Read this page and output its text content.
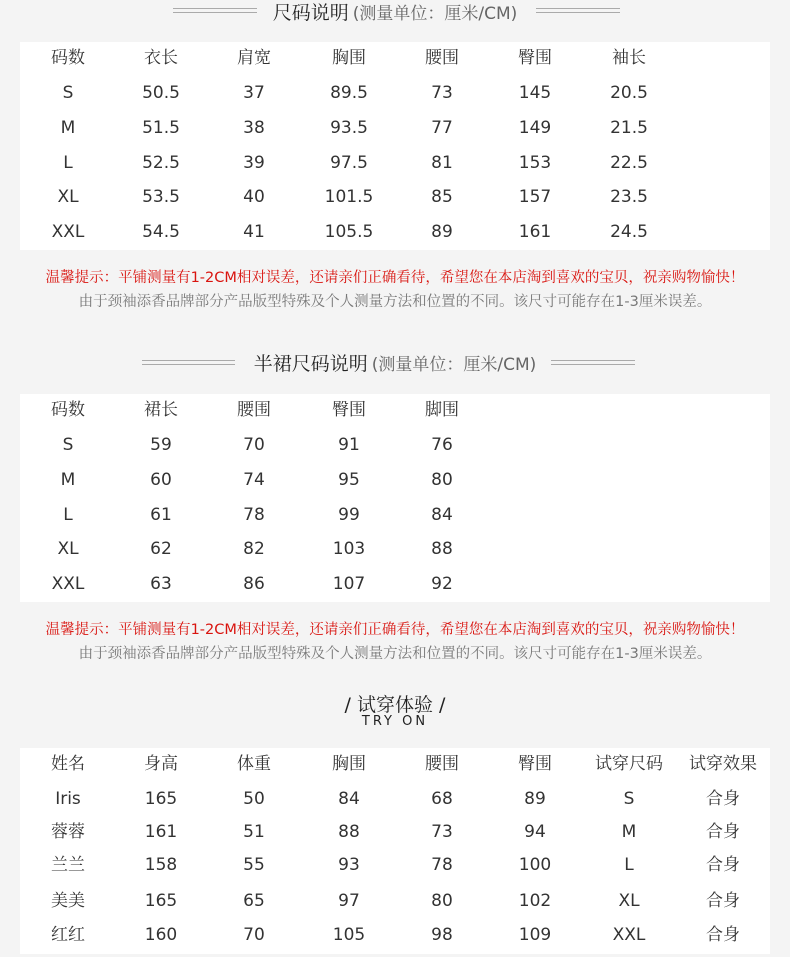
尺码说明 (测量单位：厘米/CM)
码数	衣长	肩宽	胸围	腰围	臀围	袖长
S	50.5	37	89.5	73	145	20.5
M	51.5	38	93.5	77	149	21.5
L	52.5	39	97.5	81	153	22.5
XL	53.5	40	101.5	85	157	23.5
XXL	54.5	41	105.5	89	161	24.5
温馨提示：平铺测量有1-2CM相对误差，还请亲们正确看待，希望您在本店淘到喜欢的宝贝，祝亲购物愉快！
由于颈袖添香品牌部分产品版型特殊及个人测量方法和位置的不同。该尺寸可能存在1-3厘米误差。
半裙尺码说明 (测量单位：厘米/CM)
码数	裙长	腰围	臀围	脚围
S	59	70	91	76
M	60	74	95	80
L	61	78	99	84
XL	62	82	103	88
XXL	63	86	107	92
温馨提示：平铺测量有1-2CM相对误差，还请亲们正确看待，希望您在本店淘到喜欢的宝贝，祝亲购物愉快！
由于颈袖添香品牌部分产品版型特殊及个人测量方法和位置的不同。该尺寸可能存在1-3厘米误差。
/ 试穿体验 /
TRY ON
姓名	身高	体重	胸围	腰围	臀围	试穿尺码	试穿效果
Iris	165	50	84	68	89	S	合身
蓉蓉	161	51	88	73	94	M	合身
兰兰	158	55	93	78	100	L	合身
美美	165	65	97	80	102	XL	合身
红红	160	70	105	98	109	XXL	合身
